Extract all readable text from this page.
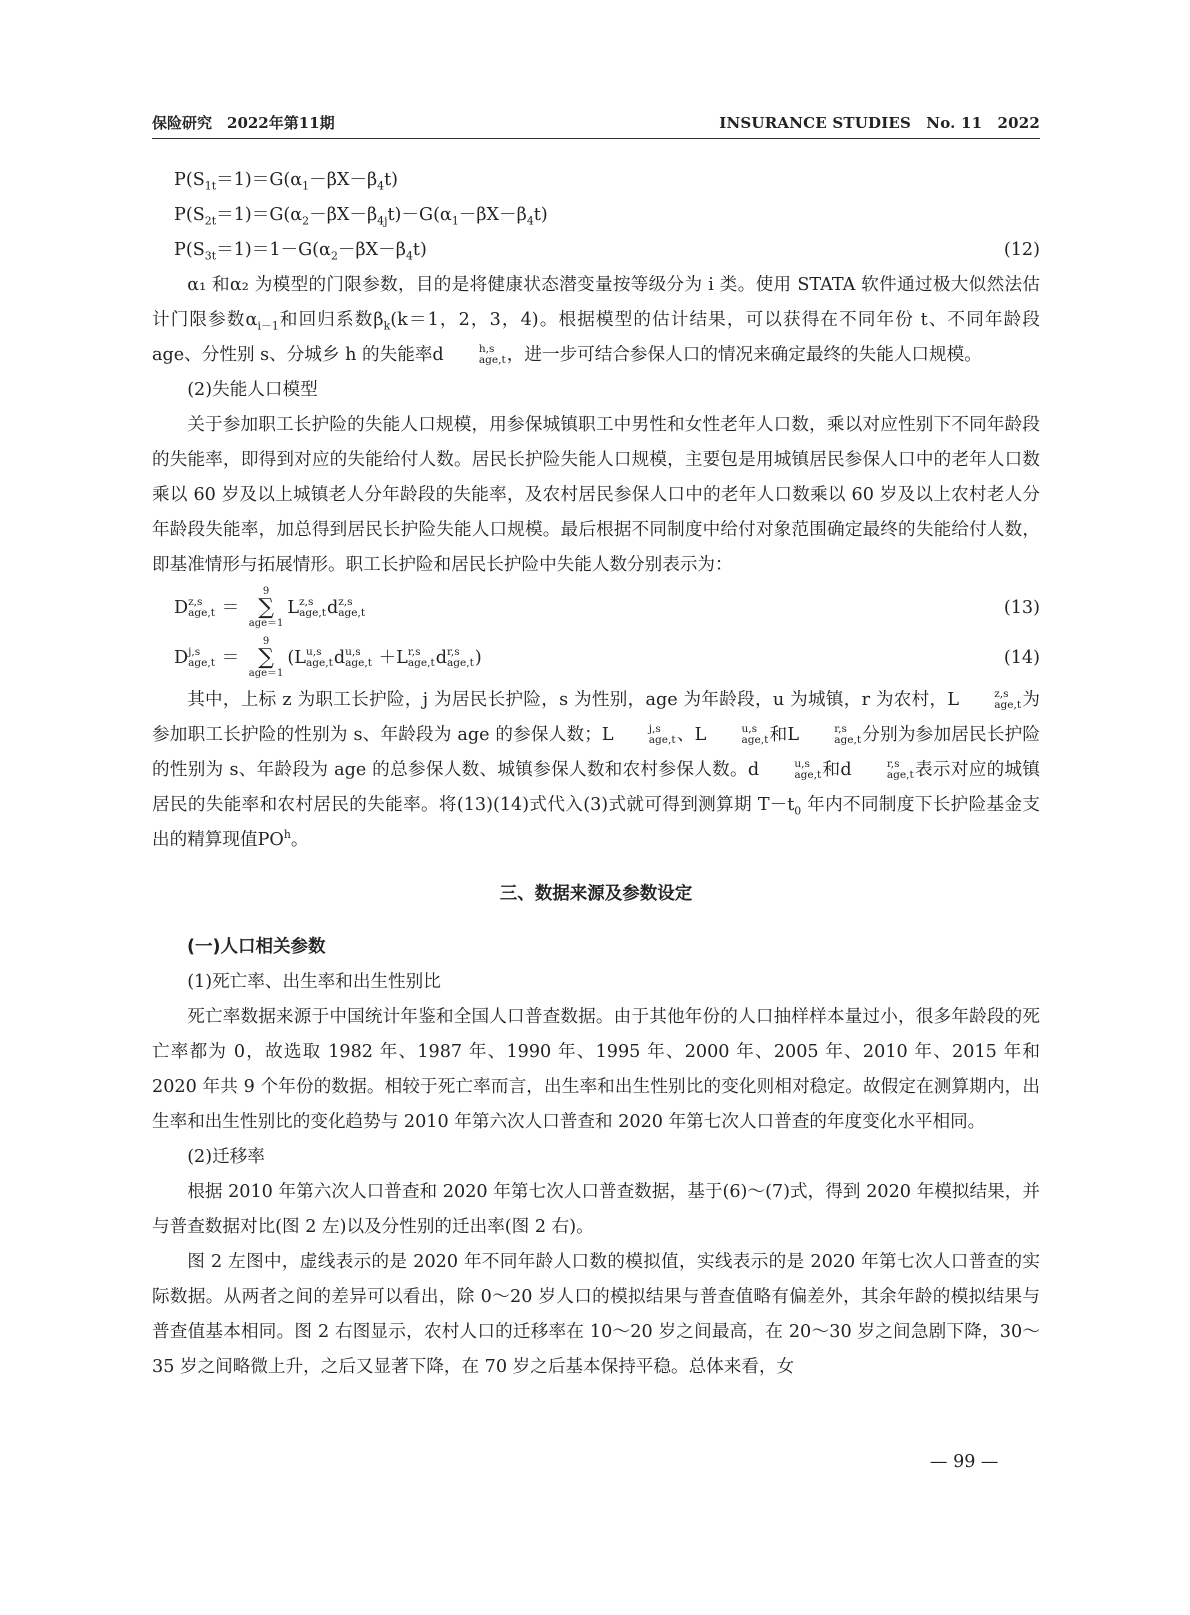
保险研究　2022年第11期	INSURANCE STUDIES　No. 11　2022

$P(S_{1t}=1)=G(\alpha_1-\beta X-\beta_4t)$

$P(S_{2t}=1)=G(\alpha_2-\beta X-\beta_{4j}t)-G(\alpha_1-\beta X-\beta_4t)$

$P(S_{3t}=1)=1-G(\alpha_2-\beta X-\beta_4t)$	(12)

α₁ 和α₂ 为模型的门限参数，目的是将健康状态潜变量按等级分为 i 类。使用 STATA 软件通过极大似然法估计门限参数$\alpha_{i-1}$和回归系数$\beta_k(k=1$，2，3，4)。根据模型的估计结果，可以获得在不同年份 t、不同年龄段 age、分性别 s、分城乡 h 的失能率d	h,s
age,t ，进一步可结合参保人口的情况来确定最终的失能人口规模。

(2)失能人口模型

关于参加职工长护险的失能人口规模，用参保城镇职工中男性和女性老年人口数，乘以对应性别下不同年龄段的失能率，即得到对应的失能给付人数。居民长护险失能人口规模，主要包是用城镇居民参保人口中的老年人口数乘以 60 岁及以上城镇老人分年龄段的失能率，及农村居民参保人口中的老年人口数乘以 60 岁及以上农村老人分年龄段失能率，加总得到居民长护险失能人口规模。最后根据不同制度中给付对象范围确定最终的失能给付人数，即基准情形与拓展情形。职工长护险和居民长护险中失能人数分别表示为：

D z,s
age,t ＝
9
∑
age＝1
L z,s
age,t d z,s
age,t	(13)

D j,s
age,t ＝
9
∑
age＝1
(L u,s
age,t d u,s
age,t ＋L r,s
age,t d r,s
age,t )	(14)

其中，上标 z 为职工长护险，j 为居民长护险，s 为性别，age 为年龄段，u 为城镇，r 为农村，L	z,s
age,t 为参加职工长护险的性别为 s、年龄段为 age 的参保人数；L	j,s
age,t 、L	u,s
age,t 和L	r,s
age,t 分别为参加居民长护险的性别为 s、年龄段为 age 的总参保人数、城镇参保人数和农村参保人数。d	u,s
age,t 和d	r,s
age,t 表示对应的城镇居民的失能率和农村居民的失能率。将(13)(14)式代入(3)式就可得到测算期 $T-t_0$ 年内不同制度下长护险基金支出的精算现值$PO^h$。

三、数据来源及参数设定

(一)人口相关参数

(1)死亡率、出生率和出生性别比

死亡率数据来源于中国统计年鉴和全国人口普查数据。由于其他年份的人口抽样样本量过小，很多年龄段的死亡率都为 0，故选取 1982 年、1987 年、1990 年、1995 年、2000 年、2005 年、2010 年、2015 年和 2020 年共 9 个年份的数据。相较于死亡率而言，出生率和出生性别比的变化则相对稳定。故假定在测算期内，出生率和出生性别比的变化趋势与 2010 年第六次人口普查和 2020 年第七次人口普查的年度变化水平相同。

(2)迁移率

根据 2010 年第六次人口普查和 2020 年第七次人口普查数据，基于(6)～(7)式，得到 2020 年模拟结果，并与普查数据对比(图 2 左)以及分性别的迁出率(图 2 右)。

图 2 左图中，虚线表示的是 2020 年不同年龄人口数的模拟值，实线表示的是 2020 年第七次人口普查的实际数据。从两者之间的差异可以看出，除 0～20 岁人口的模拟结果与普查值略有偏差外，其余年龄的模拟结果与普查值基本相同。图 2 右图显示，农村人口的迁移率在 10～20 岁之间最高，在 20～30 岁之间急剧下降，30～35 岁之间略微上升，之后又显著下降，在 70 岁之后基本保持平稳。总体来看，女

— 99 —
